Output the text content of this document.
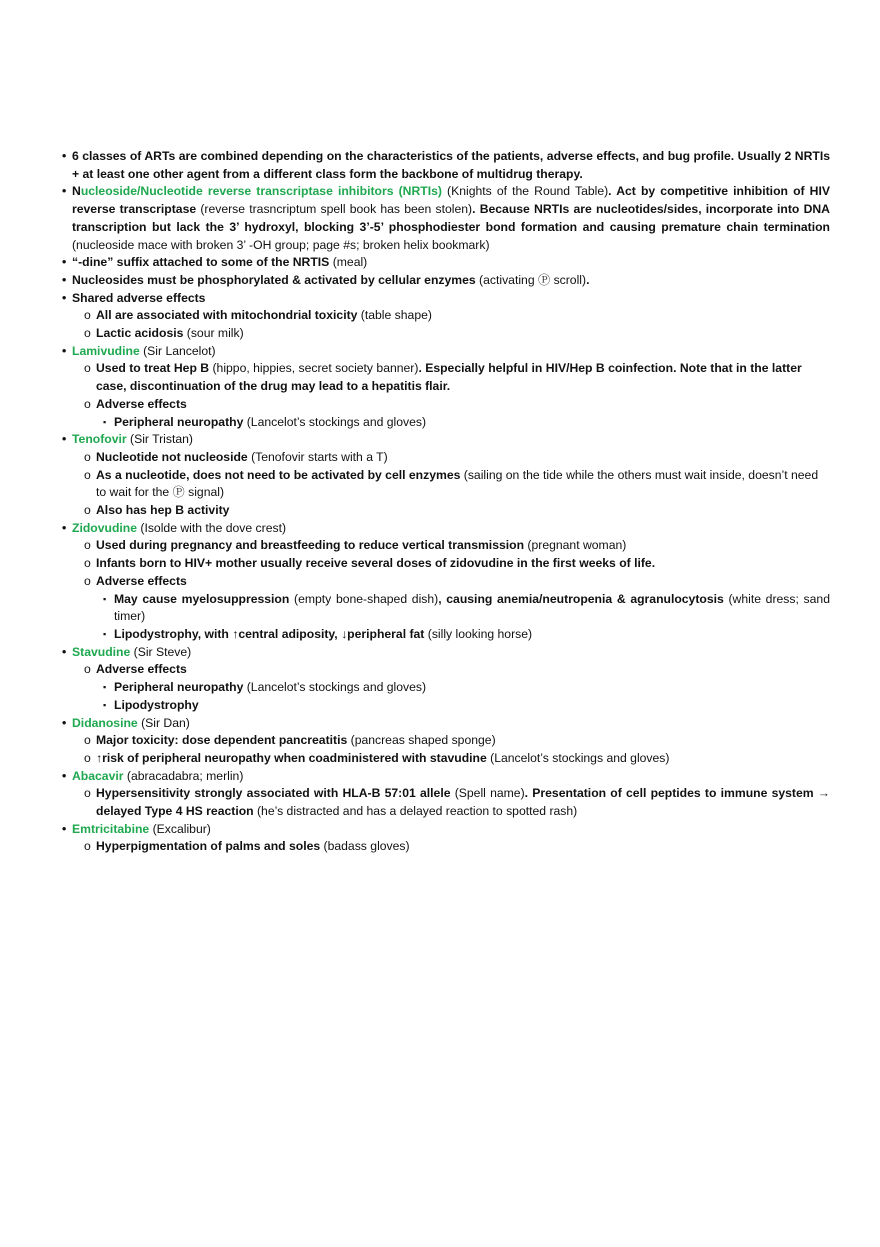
• 6 classes of ARTs are combined depending on the characteristics of the patients, adverse effects, and bug profile. Usually 2 NRTIs + at least one other agent from a different class form the backbone of multidrug therapy.
• Nucleoside/Nucleotide reverse transcriptase inhibitors (NRTIs) (Knights of the Round Table). Act by competitive inhibition of HIV reverse transcriptase (reverse trasncriptum spell book has been stolen). Because NRTIs are nucleotides/sides, incorporate into DNA transcription but lack the 3’ hydroxyl, blocking 3’-5’ phosphodiester bond formation and causing premature chain termination (nucleoside mace with broken 3’ -OH group; page #s; broken helix bookmark)
• “-dine” suffix attached to some of the NRTIS (meal)
• Nucleosides must be phosphorylated & activated by cellular enzymes (activating Ⓟ scroll).
• Shared adverse effects
o All are associated with mitochondrial toxicity (table shape)
o Lactic acidosis (sour milk)
• Lamivudine (Sir Lancelot)
o Used to treat Hep B (hippo, hippies, secret society banner). Especially helpful in HIV/Hep B coinfection. Note that in the latter case, discontinuation of the drug may lead to a hepatitis flair.
o Adverse effects
▪ Peripheral neuropathy (Lancelot’s stockings and gloves)
• Tenofovir (Sir Tristan)
o Nucleotide not nucleoside (Tenofovir starts with a T)
o As a nucleotide, does not need to be activated by cell enzymes (sailing on the tide while the others must wait inside, doesn’t need to wait for the Ⓟ signal)
o Also has hep B activity
• Zidovudine (Isolde with the dove crest)
o Used during pregnancy and breastfeeding to reduce vertical transmission (pregnant woman)
o Infants born to HIV+ mother usually receive several doses of zidovudine in the first weeks of life.
o Adverse effects
▪ May cause myelosuppression (empty bone-shaped dish), causing anemia/neutropenia & agranulocytosis (white dress; sand timer)
▪ Lipodystrophy, with ↑central adiposity, ↓peripheral fat (silly looking horse)
• Stavudine (Sir Steve)
o Adverse effects
▪ Peripheral neuropathy (Lancelot’s stockings and gloves)
▪ Lipodystrophy
• Didanosine (Sir Dan)
o Major toxicity: dose dependent pancreatitis (pancreas shaped sponge)
o ↑risk of peripheral neuropathy when coadministered with stavudine (Lancelot’s stockings and gloves)
• Abacavir (abracadabra; merlin)
o Hypersensitivity strongly associated with HLA-B 57:01 allele (Spell name). Presentation of cell peptides to immune system → delayed Type 4 HS reaction (he’s distracted and has a delayed reaction to spotted rash)
• Emtricitabine (Excalibur)
o Hyperpigmentation of palms and soles (badass gloves)
